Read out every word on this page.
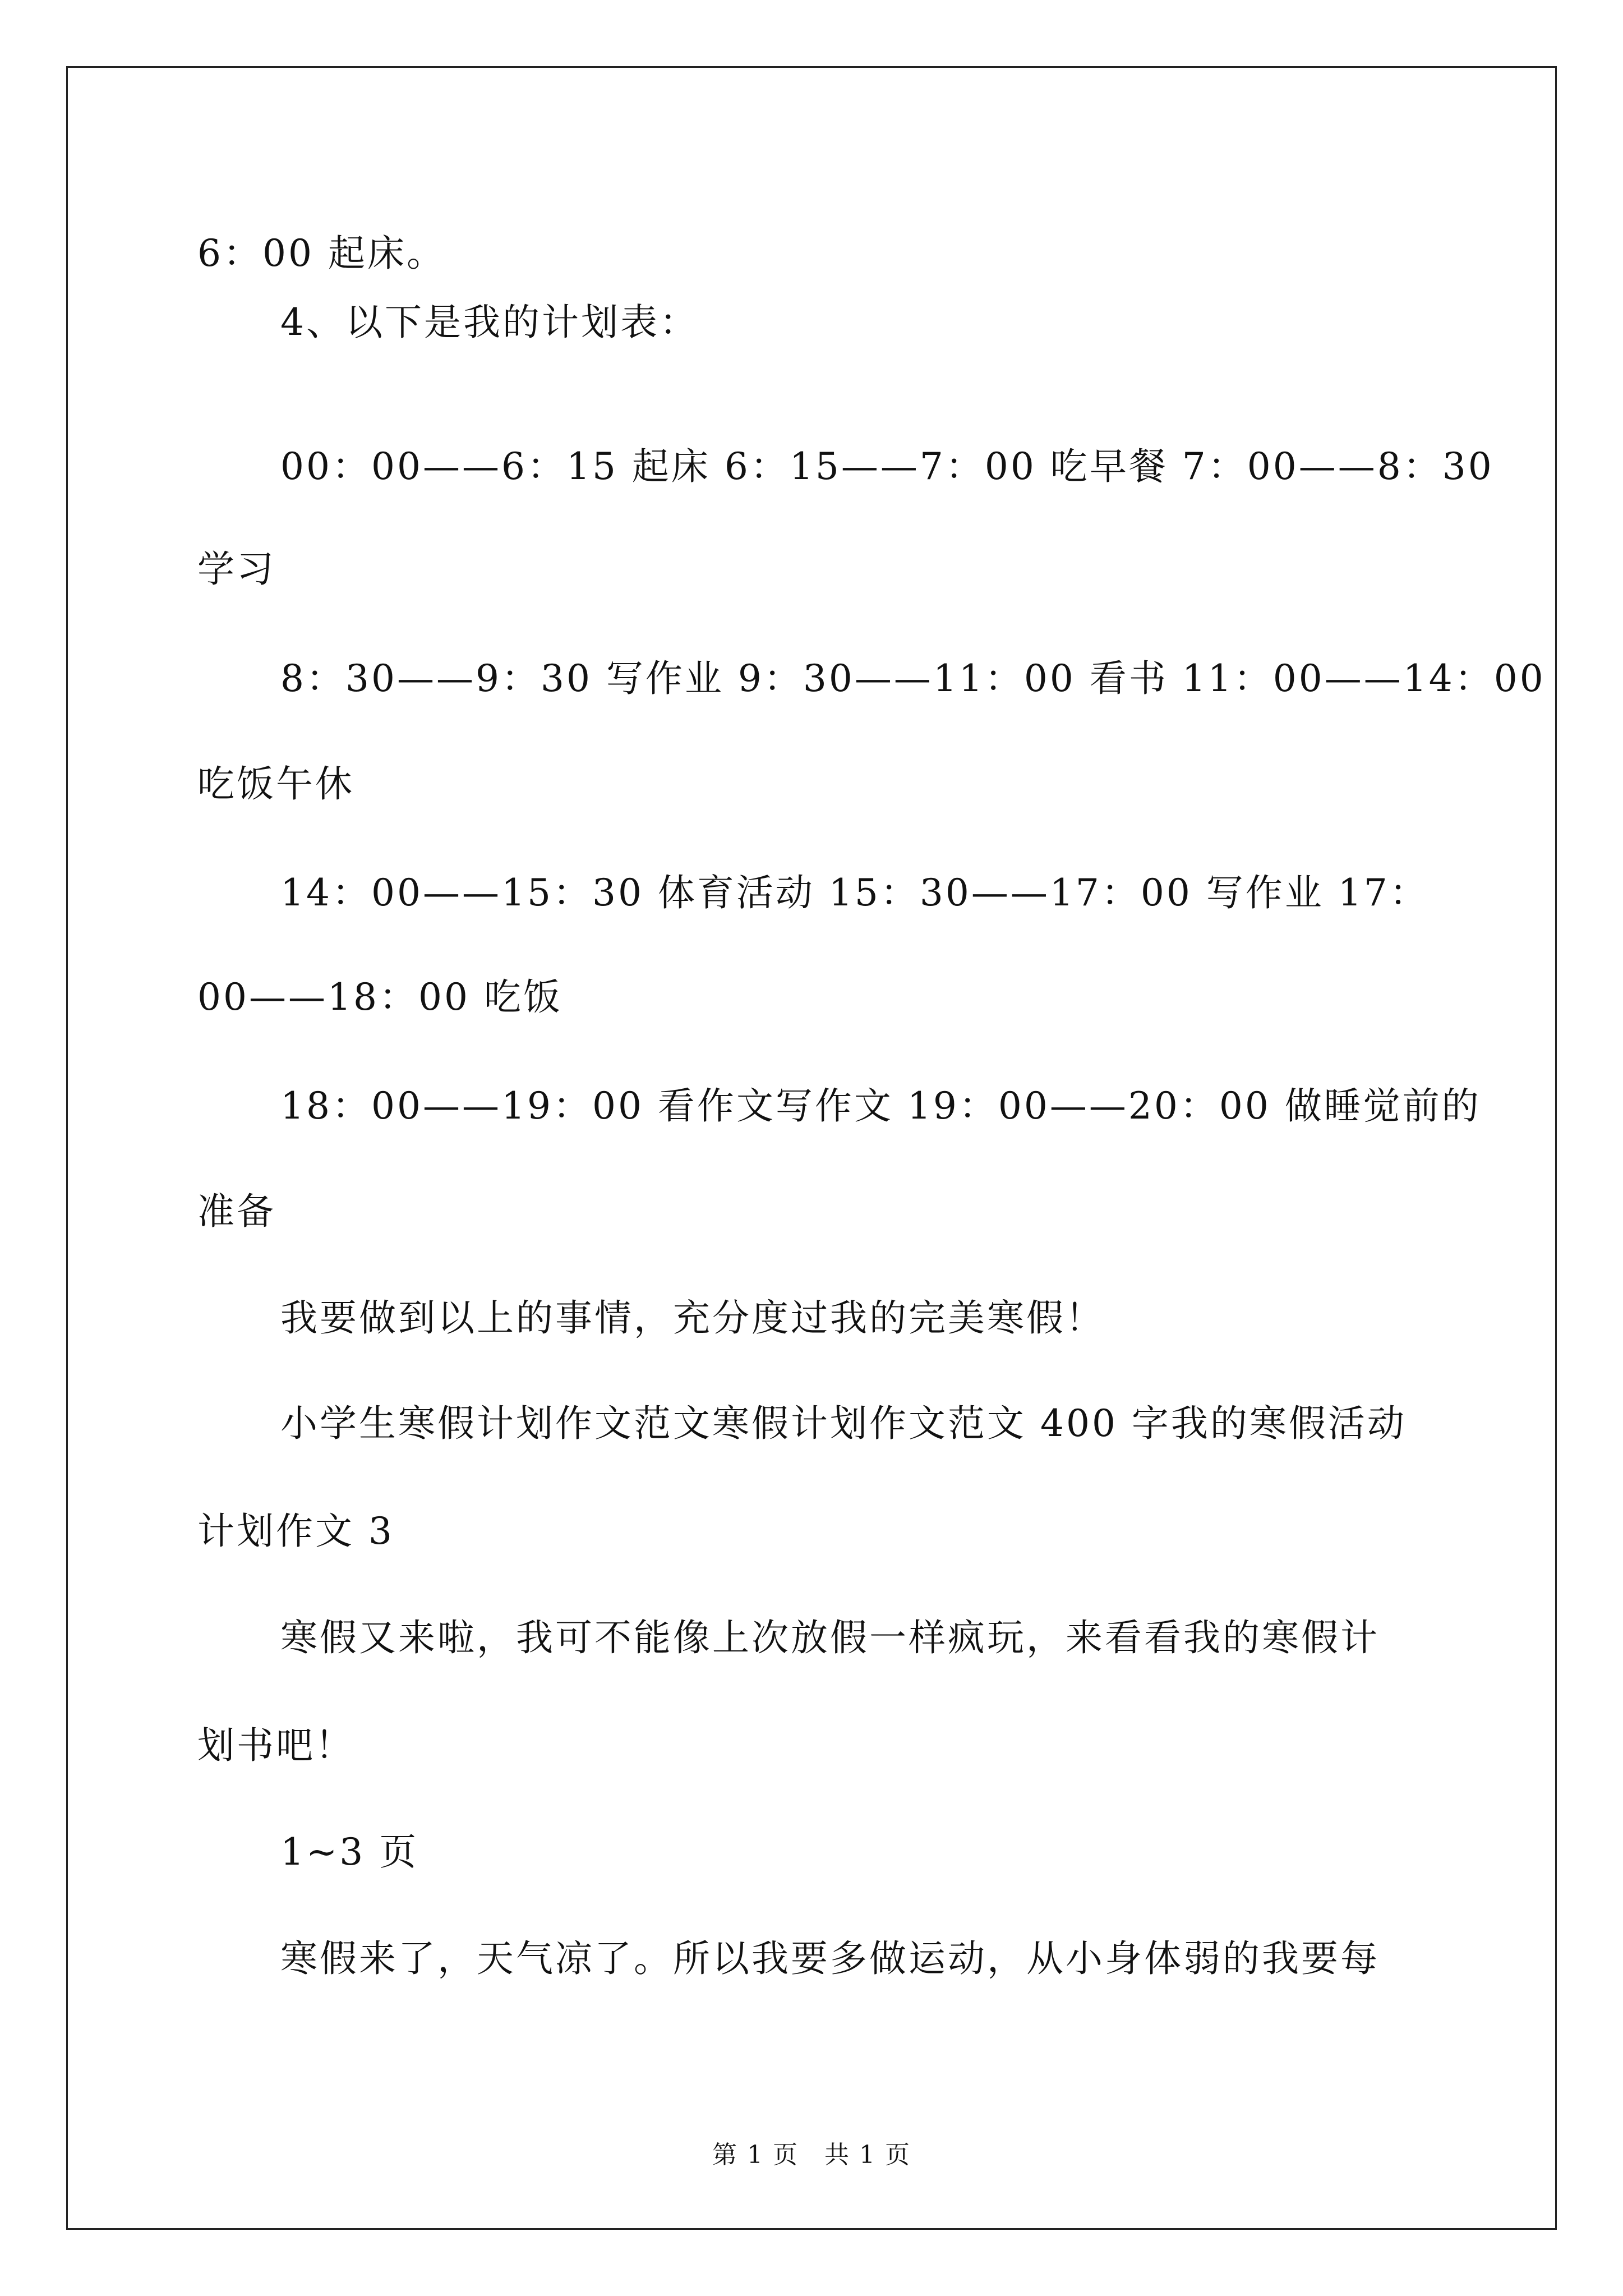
6：00 起床。
4、以下是我的计划表：
00：00——6：15 起床 6：15——7：00 吃早餐 7：00——8：30
学习
8：30——9：30 写作业 9：30——11：00 看书 11：00——14：00
吃饭午休
14：00——15：30 体育活动 15：30——17：00 写作业 17：
00——18：00 吃饭
18：00——19：00 看作文写作文 19：00——20：00 做睡觉前的
准备
我要做到以上的事情，充分度过我的完美寒假！
小学生寒假计划作文范文寒假计划作文范文 400 字我的寒假活动
计划作文 3
寒假又来啦，我可不能像上次放假一样疯玩，来看看我的寒假计
划书吧！
1~3 页
寒假来了，天气凉了。所以我要多做运动，从小身体弱的我要每
第 1 页　共 1 页
